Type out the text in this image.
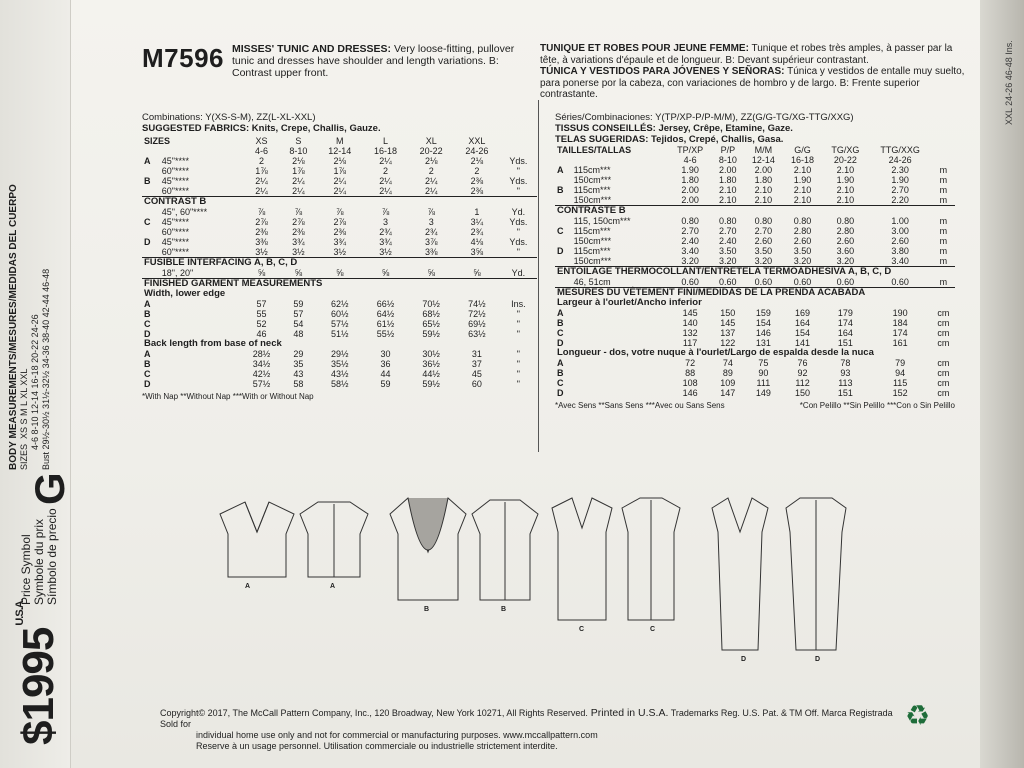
$1995U.S.A.
Price Symbol Symbole du prix Símbolo de precio
G
BODY MEASUREMENTS/MESURES/MEDIDAS DEL CUERPO SIZES  XS S M L XL XXL 4-6 8-10 12-14 16-18 20-22 24-26
Bust 29½-30½ 31½-32½ 34-36 38-40 42-44 46-48
XXL 24-26 46-48 Ins.
M7596 MISSES' TUNIC AND DRESSES: Very loose-fitting, pullover tunic and dresses have shoulder and length variations. B: Contrast upper front.
TUNIQUE ET ROBES POUR JEUNE FEMME: Tunique et robes très amples, à passer par la tête, à variations d'épaule et de longueur. B: Devant supérieur contrastant.
TÚNICA Y VESTIDOS PARA JÓVENES Y SEÑORAS: Túnica y vestidos de entalle muy suelto, para ponerse por la cabeza, con variaciones de hombro y de largo. B: Frente superior contrastante.
Combinations: Y(XS-S-M), ZZ(L-XL-XXL)
SUGGESTED FABRICS: Knits, Crepe, Challis, Gauze.
SIZES		XS	S	M	L	XL	XXL	
		4-6	8-10	12-14	16-18	20-22	24-26	
A	45"****	2	2⅛	2⅛	2¼	2⅛	2⅛	Yds.
	60"****	1⅞	1⅞	1⅞	2	2	2	"
B	45"****	2¼	2¼	2¼	2¼	2¼	2⅜	Yds.
	60"****	2¼	2¼	2¼	2¼	2¼	2⅜	"
CONTRAST B								
	45", 60"****	⅞	⅞	⅞	⅞	⅞	1	Yd.
C	45"****	2⅞	2⅞	2⅞	3	3	3¼	Yds.
	60"****	2⅜	2⅜	2⅜	2¾	2¾	2¾	"
D	45"****	3⅜	3¾	3¾	3¾	3⅞	4⅛	Yds.
	60"****	3½	3½	3½	3½	3⅜	3⅝	"
FUSIBLE INTERFACING A, B, C, D								
	18", 20"	⅝	⅝	⅝	⅝	⅝	⅝	Yd.
FINISHED GARMENT MEASUREMENTS								
Width, lower edge								
A		57	59	62½	66½	70½	74½	Ins.
B		55	57	60½	64½	68½	72½	"
C		52	54	57½	61½	65½	69½	"
D		46	48	51½	55½	59½	63½	"
Back length from base of neck								
A		28½	29	29½	30	30½	31	"
B		34½	35	35½	36	36½	37	"
C		42½	43	43½	44	44½	45	"
D		57½	58	58½	59	59½	60	"
*With Nap **Without Nap ***With or Without Nap
Séries/Combinaciones: Y(TP/XP-P/P-M/M), ZZ(G/G-TG/XG-TTG/XXG)
TISSUS CONSEILLÉS: Jersey, Crêpe, Etamine, Gaze.
TELAS SUGERIDAS: Tejidos, Crepé, Challis, Gasa.
TAILLES/TALLAS		TP/XP	P/P	M/M	G/G	TG/XG	TTG/XXG	
		4-6	8-10	12-14	16-18	20-22	24-26	
A	115cm***	1.90	2.00	2.00	2.10	2.10	2.30	m
	150cm***	1.80	1.80	1.80	1.90	1.90	1.90	m
B	115cm***	2.00	2.10	2.10	2.10	2.10	2.70	m
	150cm***	2.00	2.10	2.10	2.10	2.10	2.20	m
CONTRASTE B								
	115, 150cm***	0.80	0.80	0.80	0.80	0.80	1.00	m
C	115cm***	2.70	2.70	2.70	2.80	2.80	3.00	m
	150cm***	2.40	2.40	2.60	2.60	2.60	2.60	m
D	115cm***	3.40	3.50	3.50	3.50	3.60	3.80	m
	150cm***	3.20	3.20	3.20	3.20	3.20	3.40	m
ENTOILAGE THERMOCOLLANT/ENTRETELA TERMOADHESIVA A, B, C, D								
	46, 51cm	0.60	0.60	0.60	0.60	0.60	0.60	m
MESURES DU VÊTEMENT FINI/MEDIDAS DE LA PRENDA ACABADA								
Largeur à l'ourlet/Ancho inferior								
A		145	150	159	169	179	190	cm
B		140	145	154	164	174	184	cm
C		132	137	146	154	164	174	cm
D		117	122	131	141	151	161	cm
Longueur - dos, votre nuque à l'ourlet/Largo de espalda desde la nuca								
A		72	74	75	76	78	79	cm
B		88	89	90	92	93	94	cm
C		108	109	111	112	113	115	cm
D		146	147	149	150	151	152	cm
*Avec Sens **Sans Sens ***Avec ou Sans Sens	*Con Pelillo **Sin Pelillo ***Con o Sin Pelillo
A	A
B	B
C	C
D	D
Copyright© 2017, The McCall Pattern Company, Inc., 120 Broadway, New York 10271, All Rights Reserved. Printed in U.S.A. Trademarks Reg. U.S. Pat. & TM Off. Marca Registrada Sold for
individual home use only and not for commercial or manufacturing purposes. www.mccallpattern.com
Reserve à un usage personnel. Utilisation commerciale ou industrielle strictement interdite.
♻
